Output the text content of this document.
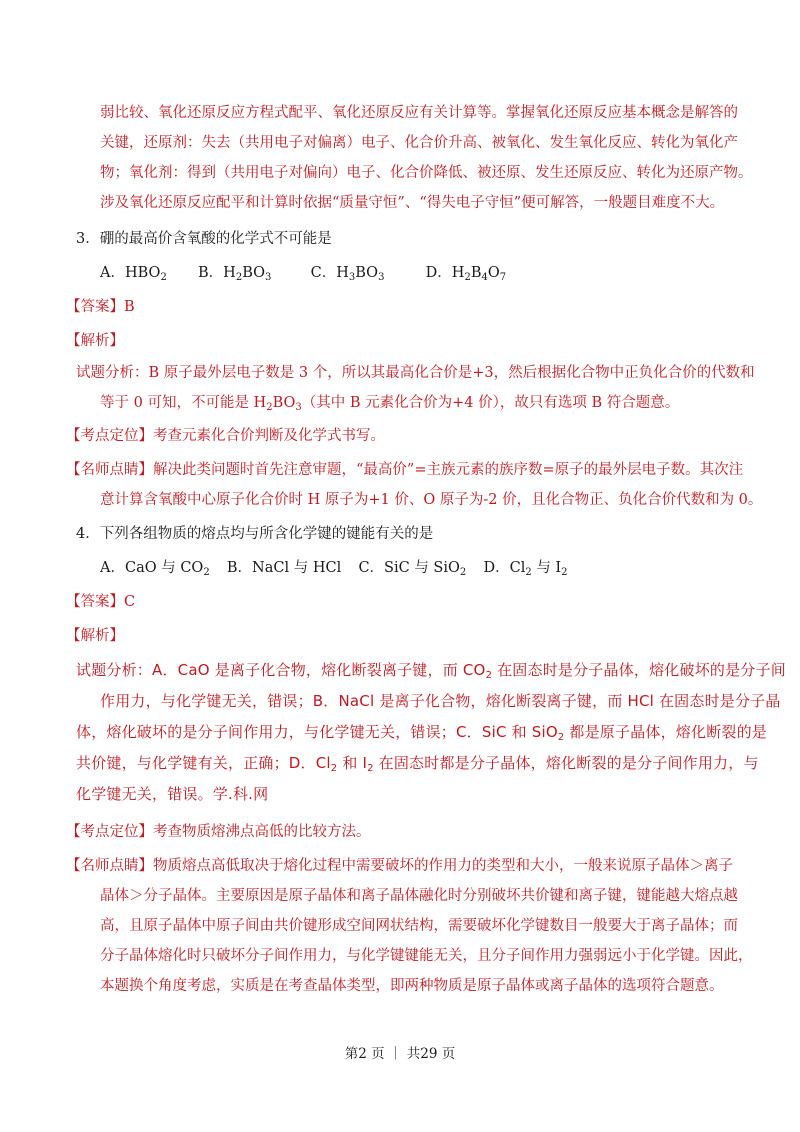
弱比较、氧化还原反应方程式配平、氧化还原反应有关计算等。掌握氧化还原反应基本概念是解答的
关键，还原剂：失去（共用电子对偏离）电子、化合价升高、被氧化、发生氧化反应、转化为氧化产
物；氧化剂：得到（共用电子对偏向）电子、化合价降低、被还原、发生还原反应、转化为还原产物。
涉及氧化还原反应配平和计算时依据“质量守恒”、“得失电子守恒”便可解答，一般题目难度不大。
3．硼的最高价含氧酸的化学式不可能是
A．$HBO_2$ B．$H_2BO_3$	C．$H_3BO_3$	D．$H_2B_4O_7$
【答案】B
【解析】
试题分析：B 原子最外层电子数是 3 个，所以其最高化合价是+3，然后根据化合物中正负化合价的代数和
等于 0 可知，不可能是 $H_2BO_3$（其中 B 元素化合价为+4 价），故只有选项 B 符合题意。
【考点定位】考查元素化合价判断及化学式书写。
【名师点睛】解决此类问题时首先注意审题，“最高价”=主族元素的族序数=原子的最外层电子数。其次注
意计算含氧酸中心原子化合价时 H 原子为+1 价、O 原子为-2 价，且化合物正、负化合价代数和为 0。
4．下列各组物质的熔点均与所含化学键的键能有关的是
A．CaO 与 $CO_2$ B．NaCl 与 HCl C．SiC 与 SiO$_2$ D．$Cl_2$ 与 $I_2$
【答案】C
【解析】
试题分析：A．CaO 是离子化合物，熔化断裂离子键，而 $CO_2$ 在固态时是分子晶体，熔化破坏的是分子间
作用力，与化学键无关，错误；B．NaCl 是离子化合物，熔化断裂离子键，而 HCl 在固态时是分子晶
体，熔化破坏的是分子间作用力，与化学键无关，错误；C．SiC 和 SiO$_2$ 都是原子晶体，熔化断裂的是
共价键，与化学键有关，正确；D．$Cl_2$ 和 $I_2$ 在固态时都是分子晶体，熔化断裂的是分子间作用力，与
化学键无关，错误。学.科.网
【考点定位】考查物质熔沸点高低的比较方法。
【名师点睛】物质熔点高低取决于熔化过程中需要破坏的作用力的类型和大小，一般来说原子晶体＞离子
晶体＞分子晶体。主要原因是原子晶体和离子晶体融化时分别破坏共价键和离子键，键能越大熔点越
高，且原子晶体中原子间由共价键形成空间网状结构，需要破坏化学键数目一般要大于离子晶体；而
分子晶体熔化时只破坏分子间作用力，与化学键键能无关，且分子间作用力强弱远小于化学键。因此，
本题换个角度考虑，实质是在考查晶体类型，即两种物质是原子晶体或离子晶体的选项符合题意。
第2 页 ｜ 共29 页
